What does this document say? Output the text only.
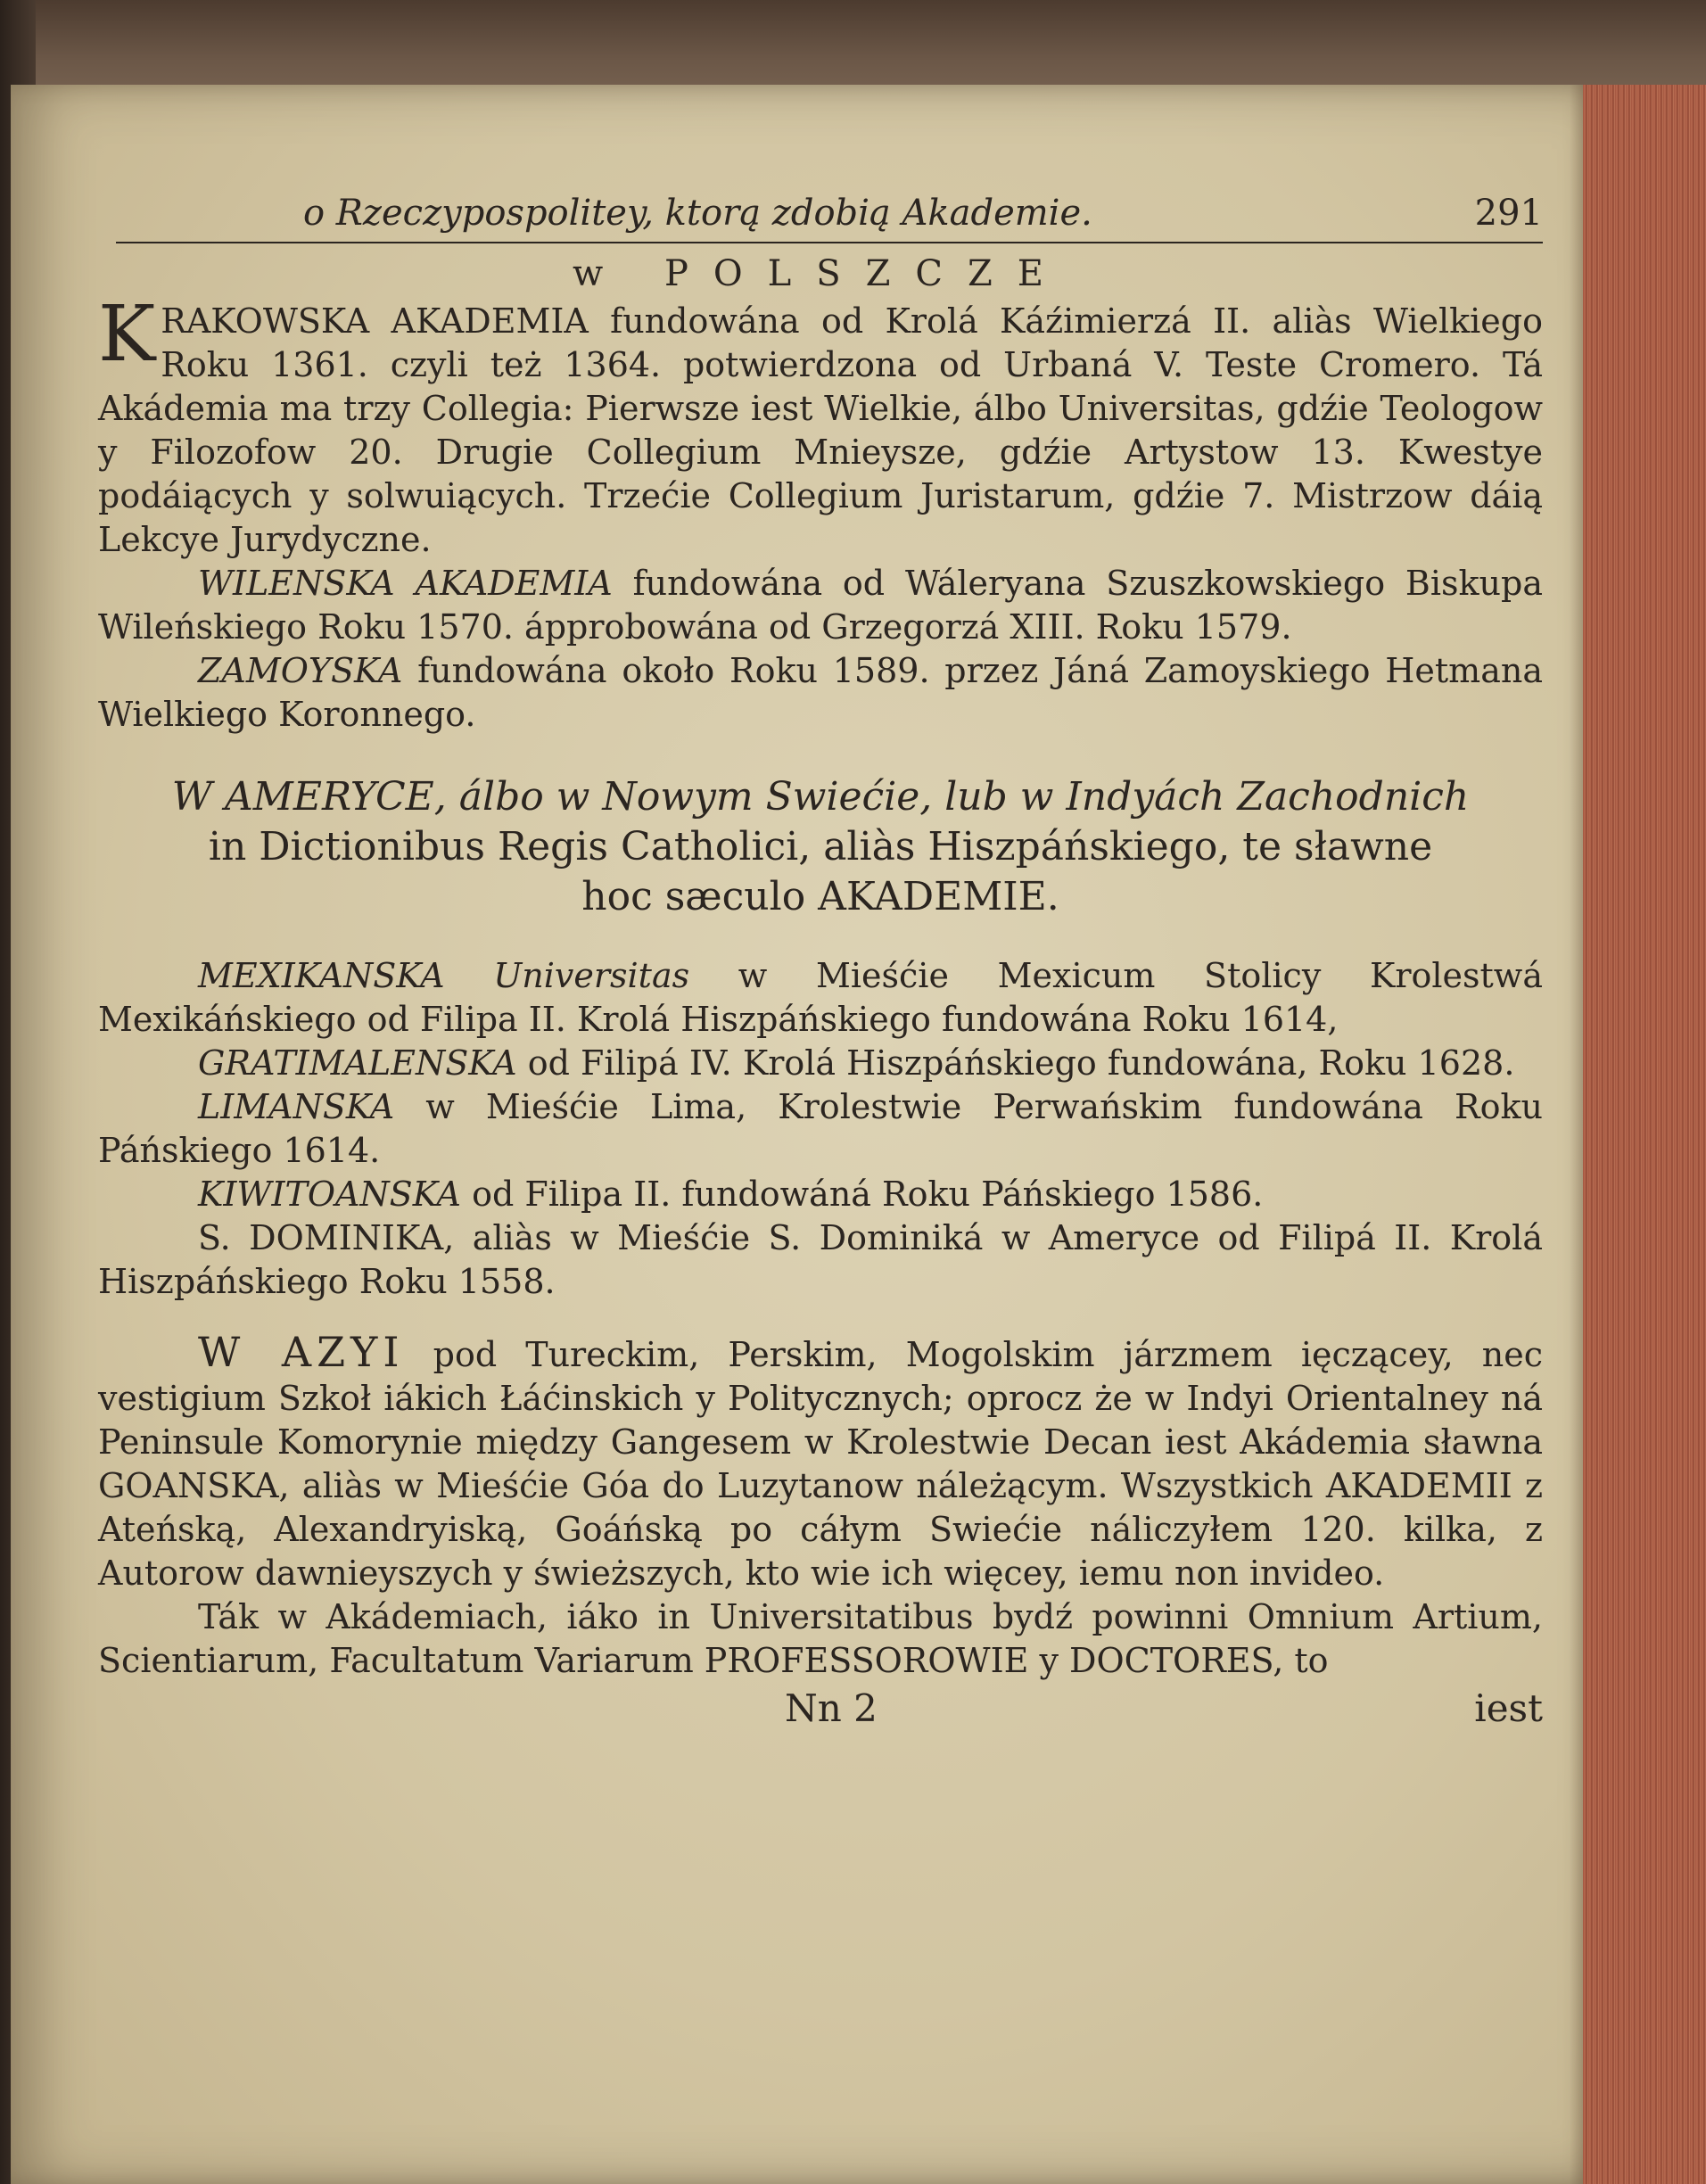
o Rzeczypospolitey, ktorą zdobią Akademie.	291
w POLSZCZE

KRAKOWSKA AKADEMIA fundowána od Krolá Káźimierzá II. aliàs Wielkiego Roku 1361. czyli też 1364. potwierdzona od Urbaná V. Teste Cromero. Tá Akádemia ma trzy Collegia: Pierwsze iest Wielkie, álbo Universitas, gdźie Teologow y Filozofow 20. Drugie Collegium Mnieysze, gdźie Artystow 13. Kwestye podáiących y solwuiących. Trzećie Collegium Juristarum, gdźie 7. Mistrzow dáią Lekcye Jurydyczne.

WILENSKA AKADEMIA fundowána od Wáleryana Szuszkowskiego Biskupa Wileńskiego Roku 1570. ápprobowána od Grzegorzá XIII. Roku 1579.

ZAMOYSKA fundowána około Roku 1589. przez Jáná Zamoyskiego Hetmana Wielkiego Koronnego.

W AMERYCE, álbo w Nowym Swiećie, lub w Indyách Zachodnich
in Dictionibus Regis Catholici, aliàs Hiszpáńskiego, te sławne
hoc sæculo AKADEMIE.

MEXIKANSKA Universitas w Mieśćie Mexicum Stolicy Krolestwá Mexikáńskiego od Filipa II. Krolá Hiszpáńskiego fundowána Roku 1614,

GRATIMALENSKA od Filipá IV. Krolá Hiszpáńskiego fundowána, Roku 1628.

LIMANSKA w Mieśćie Lima, Krolestwie Perwańskim fundowána Roku Páńskiego 1614.

KIWITOANSKA od Filipa II. fundowáná Roku Páńskiego 1586.

S. DOMINIKA, aliàs w Mieśćie S. Dominiká w Ameryce od Filipá II. Krolá Hiszpáńskiego Roku 1558.

W AZYI pod Tureckim, Perskim, Mogolskim járzmem ięczącey, nec vestigium Szkoł iákich Łáćinskich y Politycznych; oprocz że w Indyi Orientalney ná Peninsule Komorynie między Gangesem w Krolestwie Decan iest Akádemia sławna GOANSKA, aliàs w Mieśćie Góa do Luzytanow náleżącym. Wszystkich AKADEMII z Ateńską, Alexandryiską, Goáńską po cáłym Swiećie náliczyłem 120. kilka, z Autorow dawnieyszych y świeższych, kto wie ich więcey, iemu non invideo.

Ták w Akádemiach, iáko in Universitatibus bydź powinni Omnium Artium, Scientiarum, Facultatum Variarum PROFESSOROWIE y DOCTORES, to

Nn 2	iest
